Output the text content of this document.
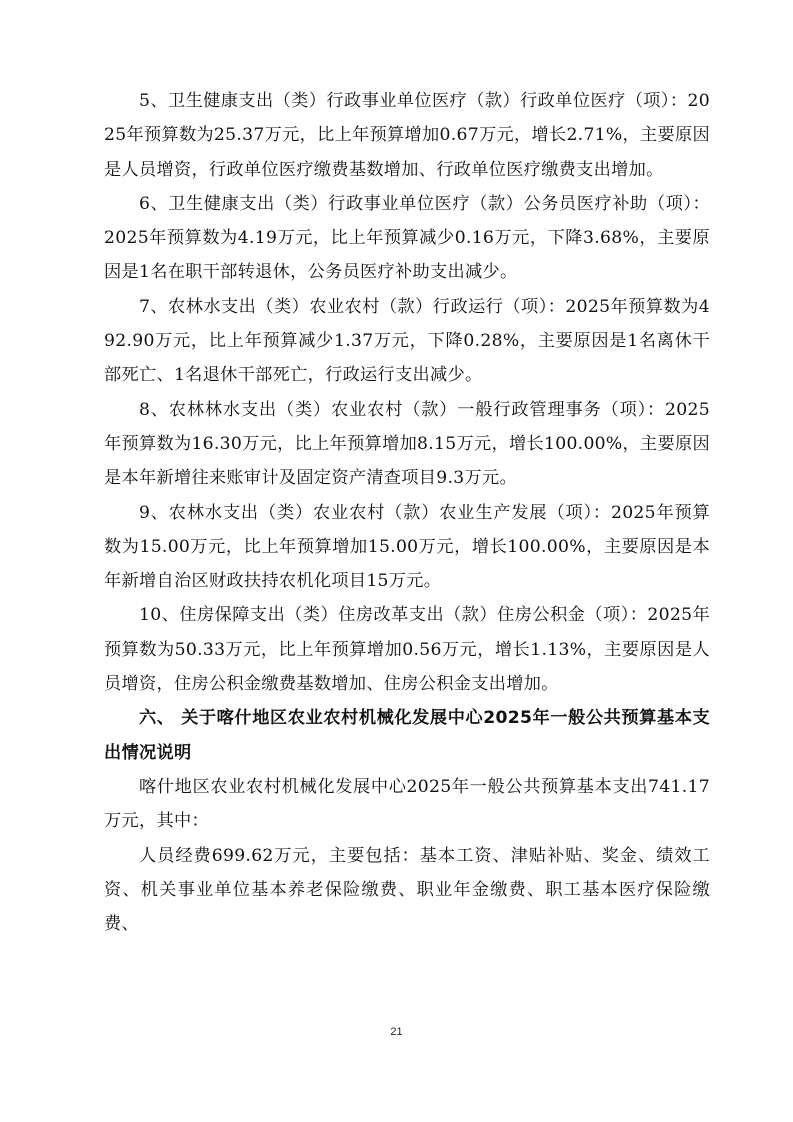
5、卫生健康支出（类）行政事业单位医疗（款）行政单位医疗（项）：2025年预算数为25.37万元，比上年预算增加0.67万元，增长2.71%，主要原因是人员增资，行政单位医疗缴费基数增加、行政单位医疗缴费支出增加。

6、卫生健康支出（类）行政事业单位医疗（款）公务员医疗补助（项）：2025年预算数为4.19万元，比上年预算减少0.16万元，下降3.68%，主要原因是1名在职干部转退休，公务员医疗补助支出减少。

7、农林水支出（类）农业农村（款）行政运行（项）：2025年预算数为492.90万元，比上年预算减少1.37万元，下降0.28%，主要原因是1名离休干部死亡、1名退休干部死亡，行政运行支出减少。

8、农林林水支出（类）农业农村（款）一般行政管理事务（项）：2025年预算数为16.30万元，比上年预算增加8.15万元，增长100.00%，主要原因是本年新增往来账审计及固定资产清查项目9.3万元。

9、农林水支出（类）农业农村（款）农业生产发展（项）：2025年预算数为15.00万元，比上年预算增加15.00万元，增长100.00%，主要原因是本年新增自治区财政扶持农机化项目15万元。

10、住房保障支出（类）住房改革支出（款）住房公积金（项）：2025年预算数为50.33万元，比上年预算增加0.56万元，增长1.13%，主要原因是人员增资，住房公积金缴费基数增加、住房公积金支出增加。

六、 关于喀什地区农业农村机械化发展中心2025年一般公共预算基本支出情况说明

喀什地区农业农村机械化发展中心2025年一般公共预算基本支出741.17万元，其中：

人员经费699.62万元，主要包括：基本工资、津贴补贴、奖金、绩效工资、机关事业单位基本养老保险缴费、职业年金缴费、职工基本医疗保险缴费、

21
